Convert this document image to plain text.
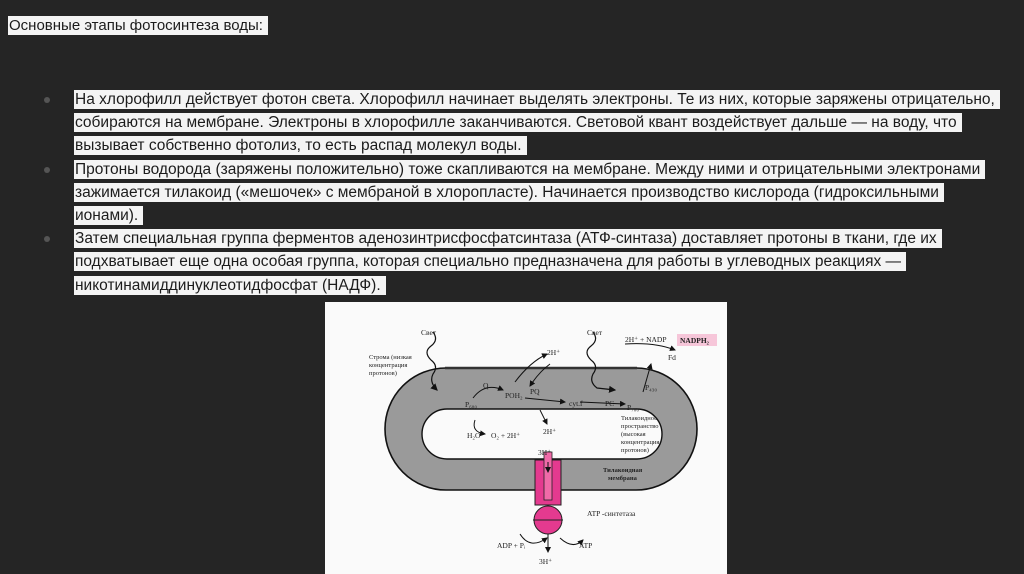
Основные этапы фотосинтеза воды:

На хлорофилл действует фотон света. Хлорофилл начинает выделять электроны. Те из них, которые заряжены отрицательно, собираются на мембране. Электроны в хлорофилле заканчиваются. Световой квант воздействует дальше — на воду, что вызывает собственно фотолиз, то есть распад молекул воды.
Протоны водорода (заряжены положительно) тоже скапливаются на мембране. Между ними и отрицательными электронами зажимается тилакоид («мешочек» с мембраной в хлоропласте). Начинается производство кислорода (гидроксильными ионами).
Затем специальная группа ферментов аденозинтрисфосфатсинтаза (АТФ-синтаза) доставляет протоны в ткани, где их подхватывает еще одна особая группа, которая специально предназначена для работы в углеводных реакциях — никотинамиддинуклеотидфосфат (НАДФ).
Свет	Свет
Строма (низкая
концентрация
протонов)
2H⁺
2H⁺ + NADP NADPH₂
Fd
Q
P₆₈₀
POH₂ PQ
cyt.f	PC P₇₀₀
P₄₃₀
Тилакоидное
пространство
(высокая
концентрация
протонов)
H₂O O₂ + 2H⁺	2H⁺
3H⁺
Тилакоидная
мембрана
ATP -синтетаза
ADP + Pᵢ	ATP
3H⁺
